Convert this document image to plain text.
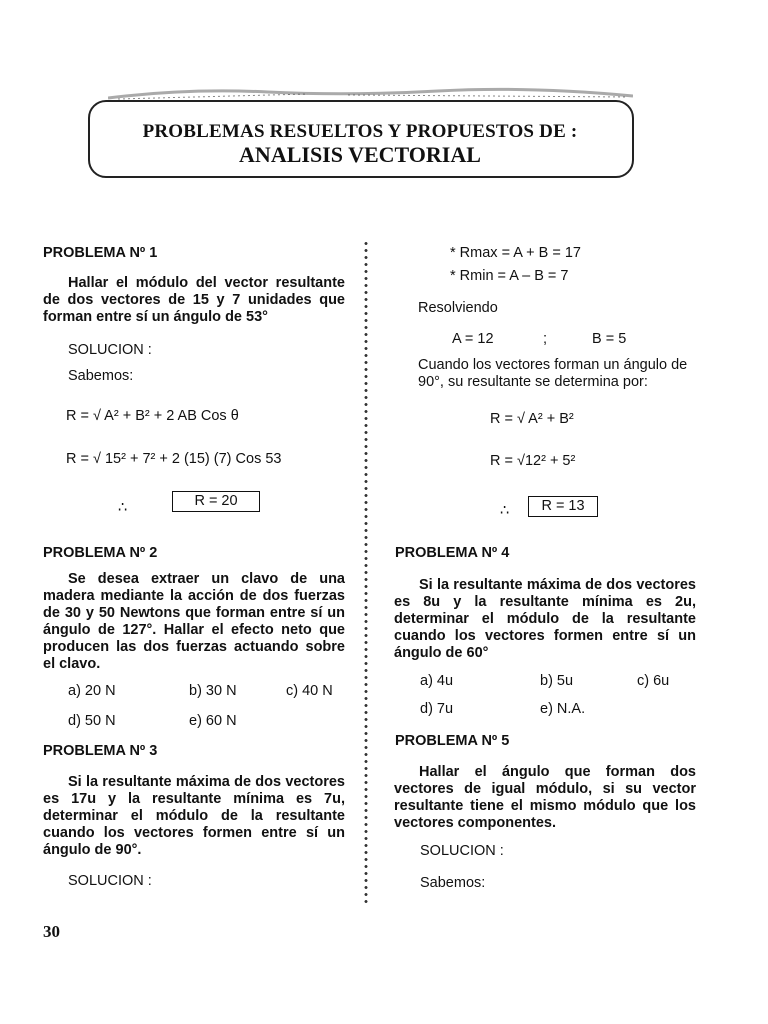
PROBLEMAS RESUELTOS Y PROPUESTOS DE :
ANALISIS VECTORIAL
PROBLEMA Nº 1
Hallar el módulo del vector resultante de dos vectores de 15 y 7 unidades que forman entre sí un ángulo de 53°
SOLUCION :
Sabemos:
R = √ A² + B² + 2 AB Cos θ
R = √ 15² + 7² + 2 (15) (7) Cos 53
∴	R = 20
PROBLEMA Nº 2
Se desea extraer un clavo de una madera mediante la acción de dos fuerzas de 30 y 50 Newtons que forman entre sí un ángulo de 127°. Hallar el efecto neto que producen las dos fuerzas actuando sobre el clavo.
a) 20 N	b) 30 N	c) 40 N
d) 50 N	e) 60 N
PROBLEMA Nº 3
Si la resultante máxima de dos vectores es 17u y la resultante mínima es 7u, determinar el módulo de la resultante cuando los vectores formen entre sí un ángulo de 90°.
SOLUCION :
* Rmax = A + B = 17
* Rmin = A – B = 7
Resolviendo
A = 12	;	B = 5
Cuando los vectores forman un ángulo de 90°, su resultante se determina por:
R = √ A² + B²
R = √12² + 5²
∴	R = 13
PROBLEMA Nº 4
Si la resultante máxima de dos vectores es 8u y la resultante mínima es 2u, determinar el módulo de la resultante cuando los vectores formen entre sí un ángulo de 60°
a) 4u	b) 5u	c) 6u
d) 7u	e) N.A.
PROBLEMA Nº 5
Hallar el ángulo que forman dos vectores de igual módulo, si su vector resultante tiene el mismo módulo que los vectores componentes.
SOLUCION :
Sabemos:
30
